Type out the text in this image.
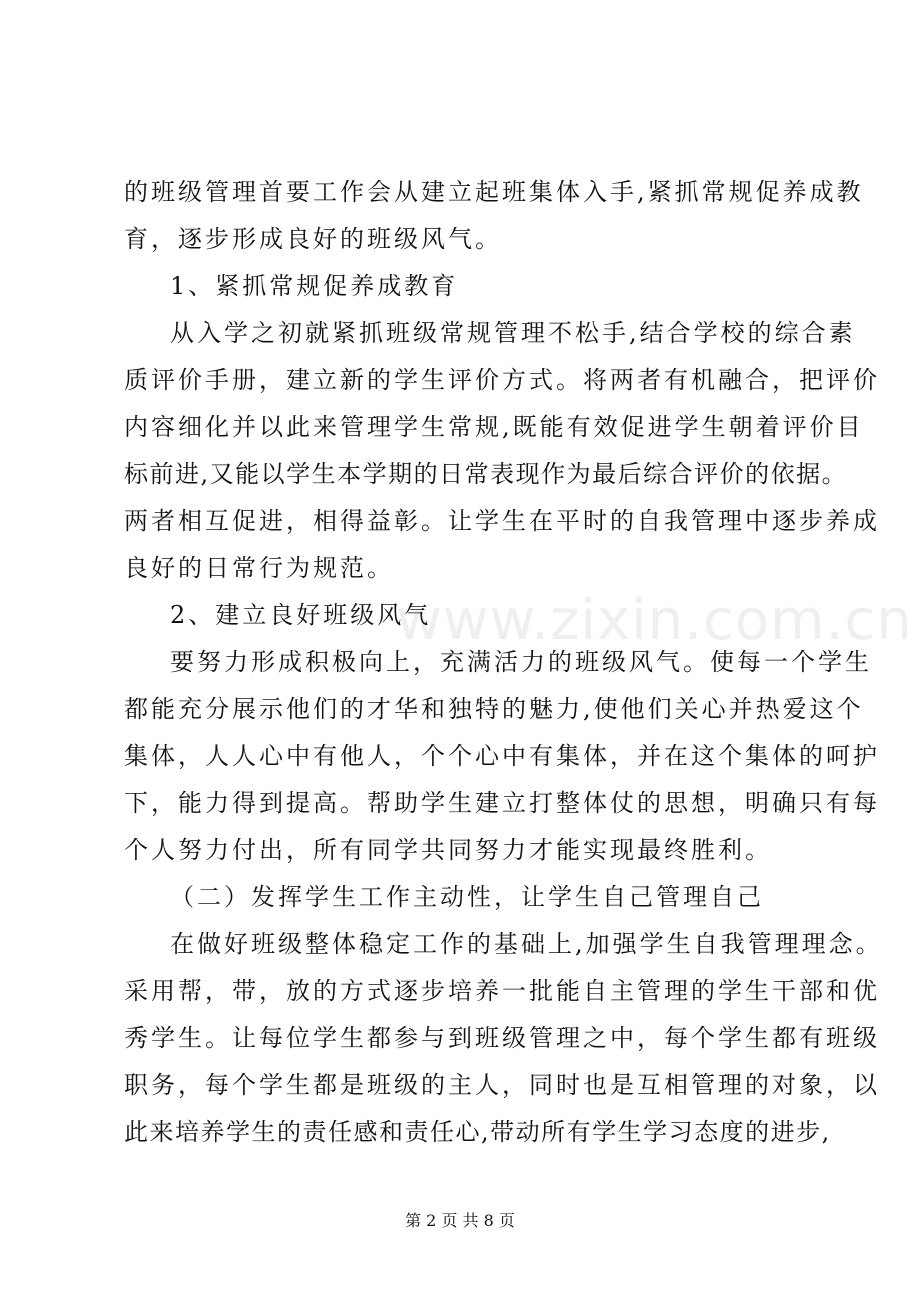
的班级管理首要工作会从建立起班集体入手,紧抓常规促养成教
育，逐步形成良好的班级风气。
1、紧抓常规促养成教育
从入学之初就紧抓班级常规管理不松手,结合学校的综合素
质评价手册，建立新的学生评价方式。将两者有机融合，把评价
内容细化并以此来管理学生常规,既能有效促进学生朝着评价目
标前进,又能以学生本学期的日常表现作为最后综合评价的依据。
两者相互促进，相得益彰。让学生在平时的自我管理中逐步养成
良好的日常行为规范。
2、建立良好班级风气
要努力形成积极向上，充满活力的班级风气。使每一个学生
都能充分展示他们的才华和独特的魅力,使他们关心并热爱这个
集体，人人心中有他人，个个心中有集体，并在这个集体的呵护
下，能力得到提高。帮助学生建立打整体仗的思想，明确只有每
个人努力付出，所有同学共同努力才能实现最终胜利。
（二）发挥学生工作主动性，让学生自己管理自己
在做好班级整体稳定工作的基础上,加强学生自我管理理念。
采用帮，带，放的方式逐步培养一批能自主管理的学生干部和优
秀学生。让每位学生都参与到班级管理之中，每个学生都有班级
职务，每个学生都是班级的主人，同时也是互相管理的对象，以
此来培养学生的责任感和责任心,带动所有学生学习态度的进步,
www.zixin.com.cn
第 2 页 共 8 页
